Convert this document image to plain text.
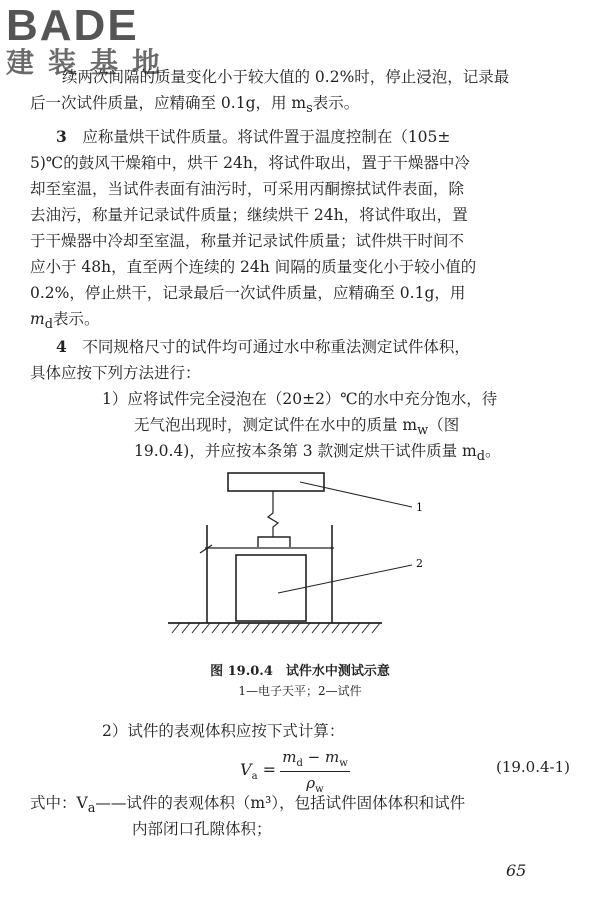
BADE
建装基地

续两次间隔的质量变化小于较大值的 0.2%时，停止浸泡，记录最

后一次试件质量，应精确至 0.1g，用 $m_s$表示。

3　 应称量烘干试件质量。将试件置于温度控制在（105±

5)℃的鼓风干燥箱中，烘干 24h，将试件取出，置于干燥器中冷

却至室温，当试件表面有油污时，可采用丙酮擦拭试件表面，除

去油污，称量并记录试件质量；继续烘干 24h，将试件取出，置

于干燥器中冷却至室温，称量并记录试件质量；试件烘干时间不

应小于 48h，直至两个连续的 24h 间隔的质量变化小于较小值的

0.2%，停止烘干，记录最后一次试件质量，应精确至 0.1g，用

$m_d$表示。

4　 不同规格尺寸的试件均可通过水中称重法测定试件体积，

具体应按下列方法进行：

1）应将试件完全浸泡在（20±2）℃的水中充分饱水，待

无气泡出现时，测定试件在水中的质量 $m_w$（图

19.0.4)，并应按本条第 3 款测定烘干试件质量 $m_d$。

1
2
图 19.0.4　试件水中测试示意
1—电子天平；2—试件

2）试件的表观体积应按下式计算：

$V_a = \frac{m_d - m_w}{\rho_w}$	(19.0.4-1)

式中：$V_a——$试件的表观体积（m³），包括试件固体体积和试件

内部闭口孔隙体积；

65
